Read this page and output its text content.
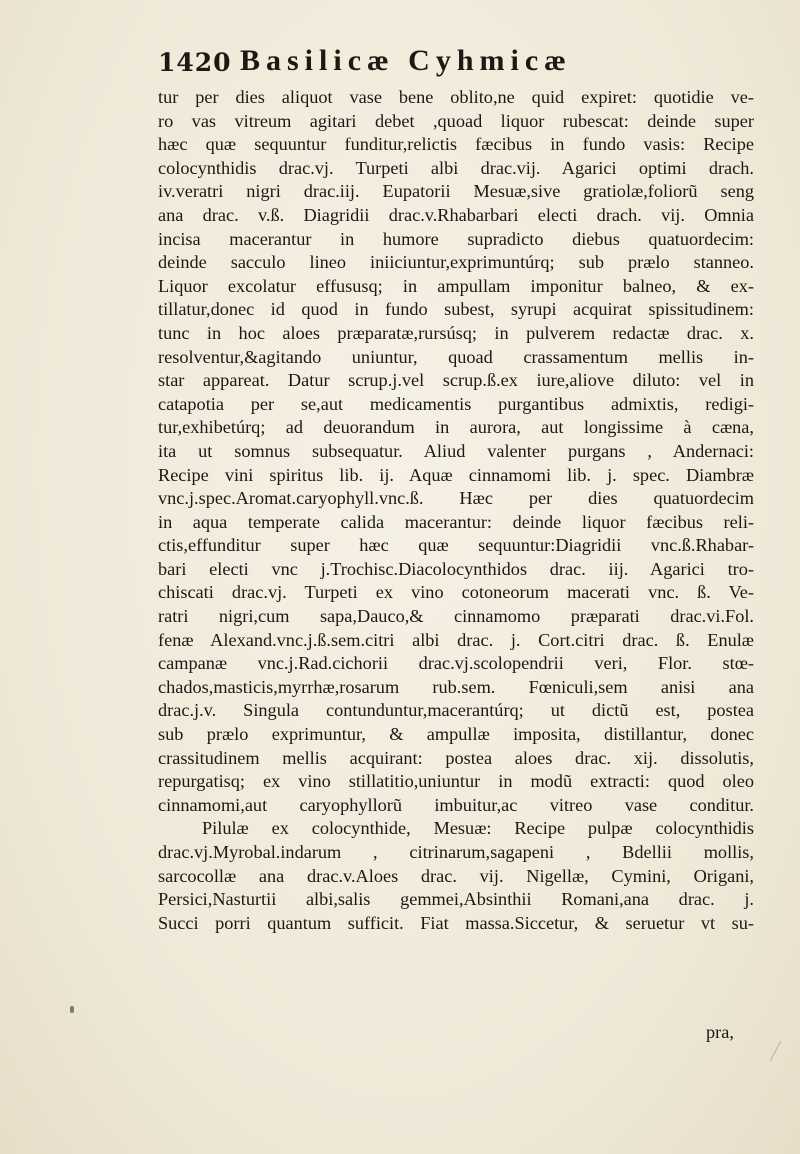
1420 Basilicæ Cyhmicæ
tur per dies aliquot vase bene oblito,ne quid expiret: quotidie ve-
ro vas vitreum agitari debet ,quoad liquor rubescat: deinde super
hæc quæ sequuntur funditur,relictis fæcibus in fundo vasis: Recipe
colocynthidis drac.vj. Turpeti albi drac.vij. Agarici optimi drach.
iv.veratri nigri drac.iij. Eupatorii Mesuæ,sive gratiolæ,foliorũ seng
ana drac. v.ß. Diagridii drac.v.Rhabarbari electi drach. vij. Omnia
incisa macerantur in humore supradicto diebus quatuordecim:
deinde sacculo lineo iniiciuntur,exprimuntúrq; sub prælo stanneo.
Liquor excolatur effususq; in ampullam imponitur balneo, & ex-
tillatur,donec id quod in fundo subest, syrupi acquirat spissitudinem:
tunc in hoc aloes præparatæ,rursúsq; in pulverem redactæ drac. x.
resolventur,&agitando uniuntur, quoad crassamentum mellis in-
star appareat. Datur scrup.j.vel scrup.ß.ex iure,aliove diluto: vel in
catapotia per se,aut medicamentis purgantibus admixtis, redigi-
tur,exhibetúrq; ad deuorandum in aurora, aut longissime à cæna,
ita ut somnus subsequatur. Aliud valenter purgans , Andernaci:
Recipe vini spiritus lib. ij. Aquæ cinnamomi lib. j. spec. Diambræ
vnc.j.spec.Aromat.caryophyll.vnc.ß. Hæc per dies quatuordecim
in aqua temperate calida macerantur: deinde liquor fæcibus reli-
ctis,effunditur super hæc quæ sequuntur:Diagridii vnc.ß.Rhabar-
bari electi vnc j.Trochisc.Diacolocynthidos drac. iij. Agarici tro-
chiscati drac.vj. Turpeti ex vino cotoneorum macerati vnc. ß. Ve-
ratri nigri,cum sapa,Dauco,& cinnamomo præparati drac.vi.Fol.
fenæ Alexand.vnc.j.ß.sem.citri albi drac. j. Cort.citri drac. ß. Enulæ
campanæ vnc.j.Rad.cichorii drac.vj.scolopendrii veri, Flor. stœ-
chados,masticis,myrrhæ,rosarum rub.sem. Fœniculi,sem anisi ana
drac.j.v. Singula contunduntur,macerantúrq; ut dictũ est, postea
sub prælo exprimuntur, & ampullæ imposita, distillantur, donec
crassitudinem mellis acquirant: postea aloes drac. xij. dissolutis,
repurgatisq; ex vino stillatitio,uniuntur in modũ extracti: quod oleo
cinnamomi,aut caryophyllorũ imbuitur,ac vitreo vase conditur.
Pilulæ ex colocynthide, Mesuæ: Recipe pulpæ colocynthidis
drac.vj.Myrobal.indarum , citrinarum,sagapeni , Bdellii mollis,
sarcocollæ ana drac.v.Aloes drac. vij. Nigellæ, Cymini, Origani,
Persici,Nasturtii albi,salis gemmei,Absinthii Romani,ana drac. j.
Succi porri quantum sufficit. Fiat massa.Siccetur, & seruetur vt su-
pra,
